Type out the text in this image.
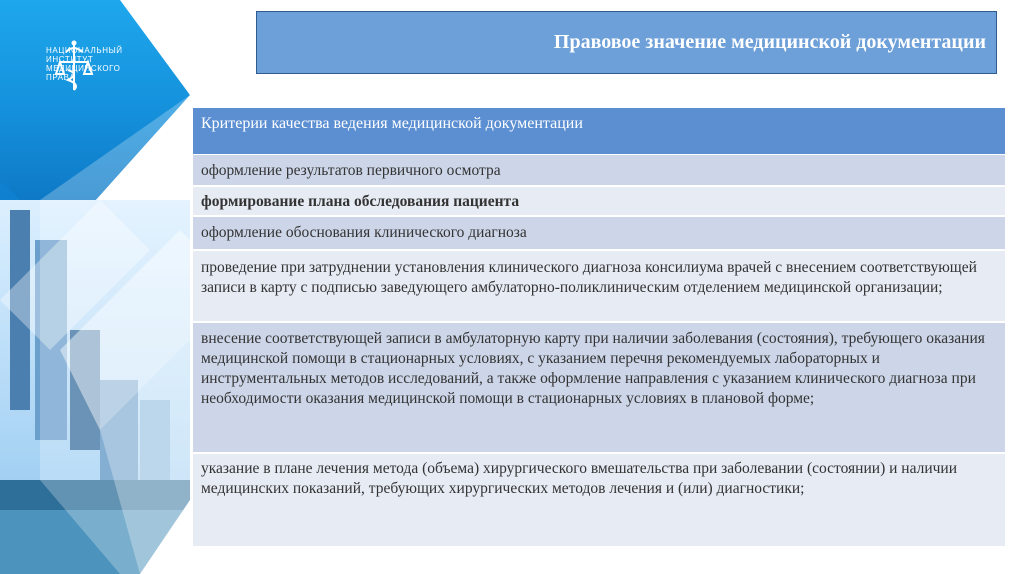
НАЦИОНАЛЬНЫЙ
ИНСТИТУТ
МЕДИЦИНСКОГО
ПРАВА
Правовое значение медицинской документации
Критерии качества ведения медицинской документации
оформление результатов первичного осмотра
формирование плана обследования пациента
оформление обоснования клинического диагноза
проведение при затруднении установления клинического диагноза консилиума врачей с внесением соответствующей записи в карту с подписью заведующего амбулаторно-поликлиническим отделением медицинской организации;
внесение соответствующей записи в амбулаторную карту при наличии заболевания (состояния), требующего оказания медицинской помощи в стационарных условиях, с указанием перечня рекомендуемых лабораторных и инструментальных методов исследований, а также оформление направления с указанием клинического диагноза при необходимости оказания медицинской помощи в стационарных условиях в плановой форме;
указание в плане лечения метода (объема) хирургического вмешательства при заболевании (состоянии) и наличии медицинских показаний, требующих хирургических методов лечения и (или) диагностики;
